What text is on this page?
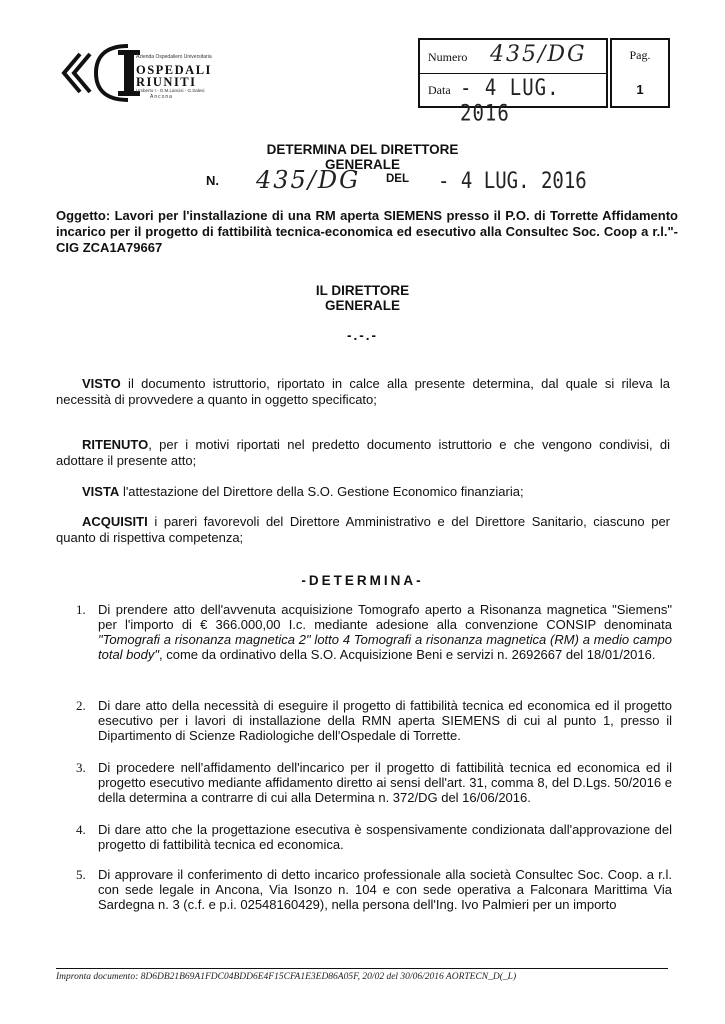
Azienda Ospedaliero Universitaria
OSPEDALI
RIUNITI
Umberto I - G.M.Lancisi - G.Salesi
Ancona
Numero 435/DG
Data - 4 LUG. 2016
Pag.
1
DETERMINA DEL DIRETTORE
GENERALE
N. 435/DG DEL - 4 LUG. 2016
Oggetto: Lavori per l'installazione di una RM aperta SIEMENS presso il P.O. di Torrette Affidamento incarico per il progetto di fattibilità tecnica-economica ed esecutivo alla Consultec Soc. Coop a r.l."- CIG ZCA1A79667
IL DIRETTORE
GENERALE
-.-.-
VISTO il documento istruttorio, riportato in calce alla presente determina, dal quale si rileva la necessità di provvedere a quanto in oggetto specificato;
RITENUTO, per i motivi riportati nel predetto documento istruttorio e che vengono condivisi, di adottare il presente atto;
VISTA l'attestazione del Direttore della S.O. Gestione Economico finanziaria;
ACQUISITI i pareri favorevoli del Direttore Amministrativo e del Direttore Sanitario, ciascuno per quanto di rispettiva competenza;
-DETERMINA-
1. Di prendere atto dell'avvenuta acquisizione Tomografo aperto a Risonanza magnetica "Siemens" per l'importo di € 366.000,00 I.c. mediante adesione alla convenzione CONSIP denominata "Tomografi a risonanza magnetica 2" lotto 4 Tomografi a risonanza magnetica (RM) a medio campo total body", come da ordinativo della S.O. Acquisizione Beni e servizi n. 2692667 del 18/01/2016.
2. Di dare atto della necessità di eseguire il progetto di fattibilità tecnica ed economica ed il progetto esecutivo per i lavori di installazione della RMN aperta SIEMENS di cui al punto 1, presso il Dipartimento di Scienze Radiologiche dell'Ospedale di Torrette.
3. Di procedere nell'affidamento dell'incarico per il progetto di fattibilità tecnica ed economica ed il progetto esecutivo mediante affidamento diretto ai sensi dell'art. 31, comma 8, del D.Lgs. 50/2016 e della determina a contrarre di cui alla Determina n. 372/DG del 16/06/2016.
4. Di dare atto che la progettazione esecutiva è sospensivamente condizionata dall'approvazione del progetto di fattibilità tecnica ed economica.
5. Di approvare il conferimento di detto incarico professionale alla società Consultec Soc. Coop. a r.l. con sede legale in Ancona, Via Isonzo n. 104 e con sede operativa a Falconara Marittima Via Sardegna n. 3 (c.f. e p.i. 02548160429), nella persona dell'Ing. Ivo Palmieri per un importo
Impronta documento: 8D6DB21B69A1FDC04BDD6E4F15CFA1E3ED86A05F, 20/02 del 30/06/2016 AORTECN_D(_L)
